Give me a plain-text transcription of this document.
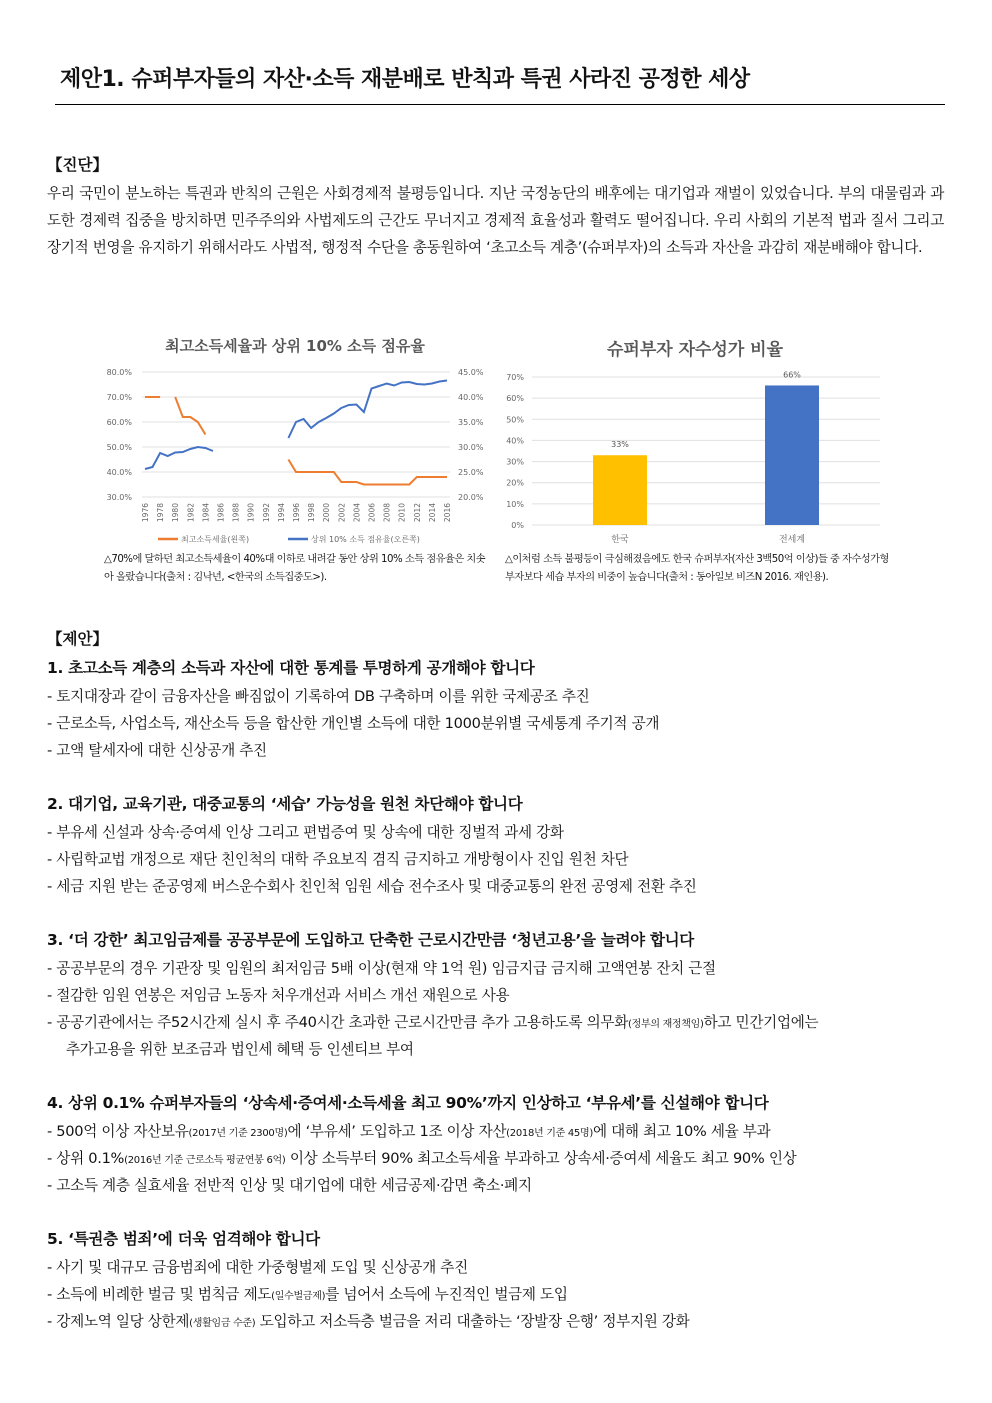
제안1. 슈퍼부자들의 자산·소득 재분배로 반칙과 특권 사라진 공정한 세상
【진단】
우리 국민이 분노하는 특권과 반칙의 근원은 사회경제적 불평등입니다. 지난 국정농단의 배후에는 대기업과 재벌이 있었습니다. 부의 대물림과 과도한 경제력 집중을 방치하면 민주주의와 사법제도의 근간도 무너지고 경제적 효율성과 활력도 떨어집니다. 우리 사회의 기본적 법과 질서 그리고 장기적 번영을 유지하기 위해서라도 사법적, 행정적 수단을 총동원하여 ‘초고소득 계층’(슈퍼부자)의 소득과 자산을 과감히 재분배해야 합니다.
최고소득세율과 상위 10% 소득 점유율
80.0%	45.0%
70.0%	40.0%
60.0%	35.0%
50.0%	30.0%
40.0%	25.0%
30.0%	20.0%
1976 1978 1980 1982 1984 1986 1988 1990 1992 1994 1996 1998 2000 2002 2004 2006 2008 2010 2012 2014 2016
최고소득세율(왼쪽)	상위 10% 소득 점유율(오른쪽)
슈퍼부자 자수성가 비율
70%
60%
50%
40%
30%
20%
10%
0%
33%
한국
66%
전세계
△70%에 달하던 최고소득세율이 40%대 이하로 내려갈 동안 상위 10% 소득 점유율은 치솟아 올랐습니다(출처 : 김낙년, <한국의 소득집중도>).
△이처럼 소득 불평등이 극심해졌음에도 한국 슈퍼부자(자산 3백50억 이상)들 중 자수성가형 부자보다 세습 부자의 비중이 높습니다(출처 : 동아일보 비즈N 2016. 재인용).
【제안】
1. 초고소득 계층의 소득과 자산에 대한 통계를 투명하게 공개해야 합니다
- 토지대장과 같이 금융자산을 빠짐없이 기록하여 DB 구축하며 이를 위한 국제공조 추진
- 근로소득, 사업소득, 재산소득 등을 합산한 개인별 소득에 대한 1000분위별 국세통계 주기적 공개
- 고액 탈세자에 대한 신상공개 추진
2. 대기업, 교육기관, 대중교통의 ‘세습’ 가능성을 원천 차단해야 합니다
- 부유세 신설과 상속·증여세 인상 그리고 편법증여 및 상속에 대한 징벌적 과세 강화
- 사립학교법 개정으로 재단 친인척의 대학 주요보직 겸직 금지하고 개방형이사 진입 원천 차단
- 세금 지원 받는 준공영제 버스운수회사 친인척 임원 세습 전수조사 및 대중교통의 완전 공영제 전환 추진
3. ‘더 강한’ 최고임금제를 공공부문에 도입하고 단축한 근로시간만큼 ‘청년고용’을 늘려야 합니다
- 공공부문의 경우 기관장 및 임원의 최저임금 5배 이상(현재 약 1억 원) 임금지급 금지해 고액연봉 잔치 근절
- 절감한 임원 연봉은 저임금 노동자 처우개선과 서비스 개선 재원으로 사용
- 공공기관에서는 주52시간제 실시 후 주40시간 초과한 근로시간만큼 추가 고용하도록 의무화(정부의 재정책임)하고 민간기업에는
추가고용을 위한 보조금과 법인세 혜택 등 인센티브 부여
4. 상위 0.1% 슈퍼부자들의 ‘상속세·증여세·소득세율 최고 90%’까지 인상하고 ‘부유세’를 신설해야 합니다
- 500억 이상 자산보유(2017년 기준 2300명)에 ‘부유세’ 도입하고 1조 이상 자산(2018년 기준 45명)에 대해 최고 10% 세율 부과
- 상위 0.1%(2016년 기준 근로소득 평균연봉 6억) 이상 소득부터 90% 최고소득세율 부과하고 상속세·증여세 세율도 최고 90% 인상
- 고소득 계층 실효세율 전반적 인상 및 대기업에 대한 세금공제·감면 축소·폐지
5. ‘특권층 범죄’에 더욱 엄격해야 합니다
- 사기 및 대규모 금융범죄에 대한 가중형벌제 도입 및 신상공개 추진
- 소득에 비례한 벌금 및 범칙금 제도(일수벌금제)를 넘어서 소득에 누진적인 벌금제 도입
- 강제노역 일당 상한제(생활임금 수준) 도입하고 저소득층 벌금을 저리 대출하는 ‘장발장 은행’ 정부지원 강화
